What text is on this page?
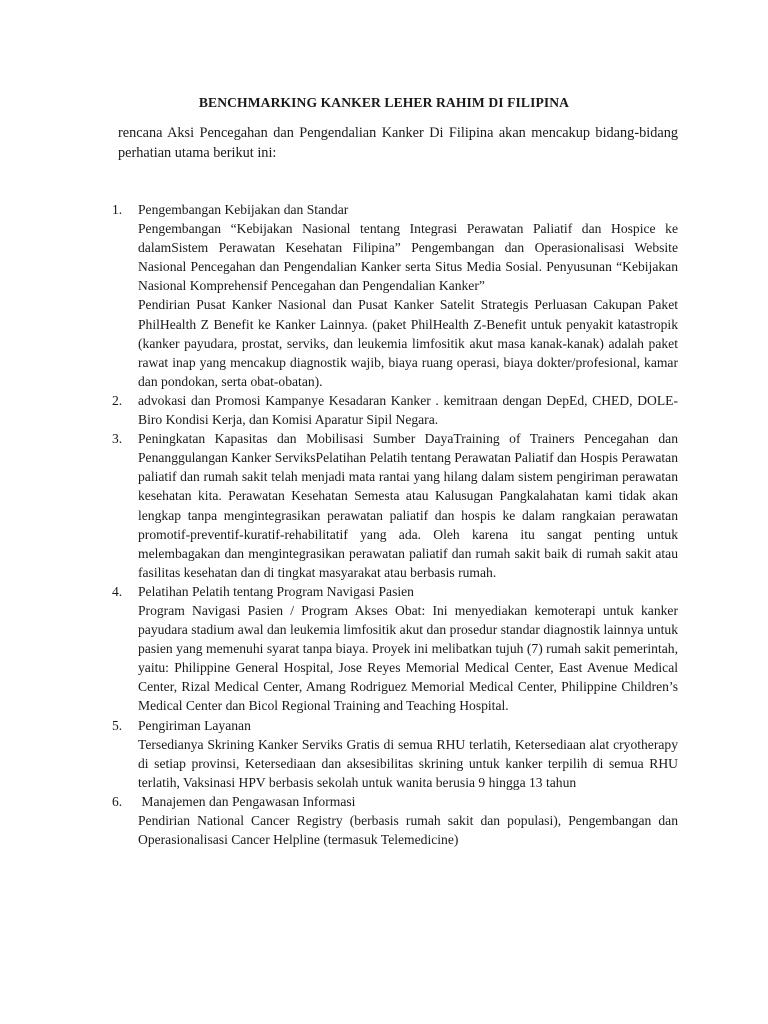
BENCHMARKING KANKER LEHER RAHIM DI FILIPINA

rencana Aksi Pencegahan dan Pengendalian Kanker Di Filipina akan mencakup bidang-bidang perhatian utama berikut ini:

1.	Pengembangan Kebijakan dan Standar
Pengembangan “Kebijakan Nasional tentang Integrasi Perawatan Paliatif dan Hospice ke dalamSistem Perawatan Kesehatan Filipina” Pengembangan dan Operasionalisasi Website Nasional Pencegahan dan Pengendalian Kanker serta Situs Media Sosial. Penyusunan “Kebijakan Nasional Komprehensif Pencegahan dan Pengendalian Kanker”
Pendirian Pusat Kanker Nasional dan Pusat Kanker Satelit Strategis Perluasan Cakupan Paket PhilHealth Z Benefit ke Kanker Lainnya. (paket PhilHealth Z-Benefit untuk penyakit katastropik (kanker payudara, prostat, serviks, dan leukemia limfositik akut masa kanak-kanak) adalah paket rawat inap yang mencakup diagnostik wajib, biaya ruang operasi, biaya dokter/profesional, kamar dan pondokan, serta obat-obatan).
2.	advokasi dan Promosi Kampanye Kesadaran Kanker . kemitraan dengan DepEd, CHED, DOLE-Biro Kondisi Kerja, dan Komisi Aparatur Sipil Negara.
3.	Peningkatan Kapasitas dan Mobilisasi Sumber DayaTraining of Trainers Pencegahan dan Penanggulangan Kanker ServiksPelatihan Pelatih tentang Perawatan Paliatif dan Hospis Perawatan paliatif dan rumah sakit telah menjadi mata rantai yang hilang dalam sistem pengiriman perawatan kesehatan kita. Perawatan Kesehatan Semesta atau Kalusugan Pangkalahatan kami tidak akan lengkap tanpa mengintegrasikan perawatan paliatif dan hospis ke dalam rangkaian perawatan promotif-preventif-kuratif-rehabilitatif yang ada. Oleh karena itu sangat penting untuk melembagakan dan mengintegrasikan perawatan paliatif dan rumah sakit baik di rumah sakit atau fasilitas kesehatan dan di tingkat masyarakat atau berbasis rumah.
4.	Pelatihan Pelatih tentang Program Navigasi Pasien
Program Navigasi Pasien / Program Akses Obat: Ini menyediakan kemoterapi untuk kanker payudara stadium awal dan leukemia limfositik akut dan prosedur standar diagnostik lainnya untuk pasien yang memenuhi syarat tanpa biaya. Proyek ini melibatkan tujuh (7) rumah sakit pemerintah, yaitu: Philippine General Hospital, Jose Reyes Memorial Medical Center, East Avenue Medical Center, Rizal Medical Center, Amang Rodriguez Memorial Medical Center, Philippine Children’s Medical Center dan Bicol Regional Training and Teaching Hospital.
5.	Pengiriman Layanan
Tersedianya Skrining Kanker Serviks Gratis di semua RHU terlatih, Ketersediaan alat cryotherapy di setiap provinsi, Ketersediaan dan aksesibilitas skrining untuk kanker terpilih di semua RHU terlatih, Vaksinasi HPV berbasis sekolah untuk wanita berusia 9 hingga 13 tahun
6.	Manajemen dan Pengawasan Informasi
Pendirian National Cancer Registry (berbasis rumah sakit dan populasi), Pengembangan dan Operasionalisasi Cancer Helpline (termasuk Telemedicine)
